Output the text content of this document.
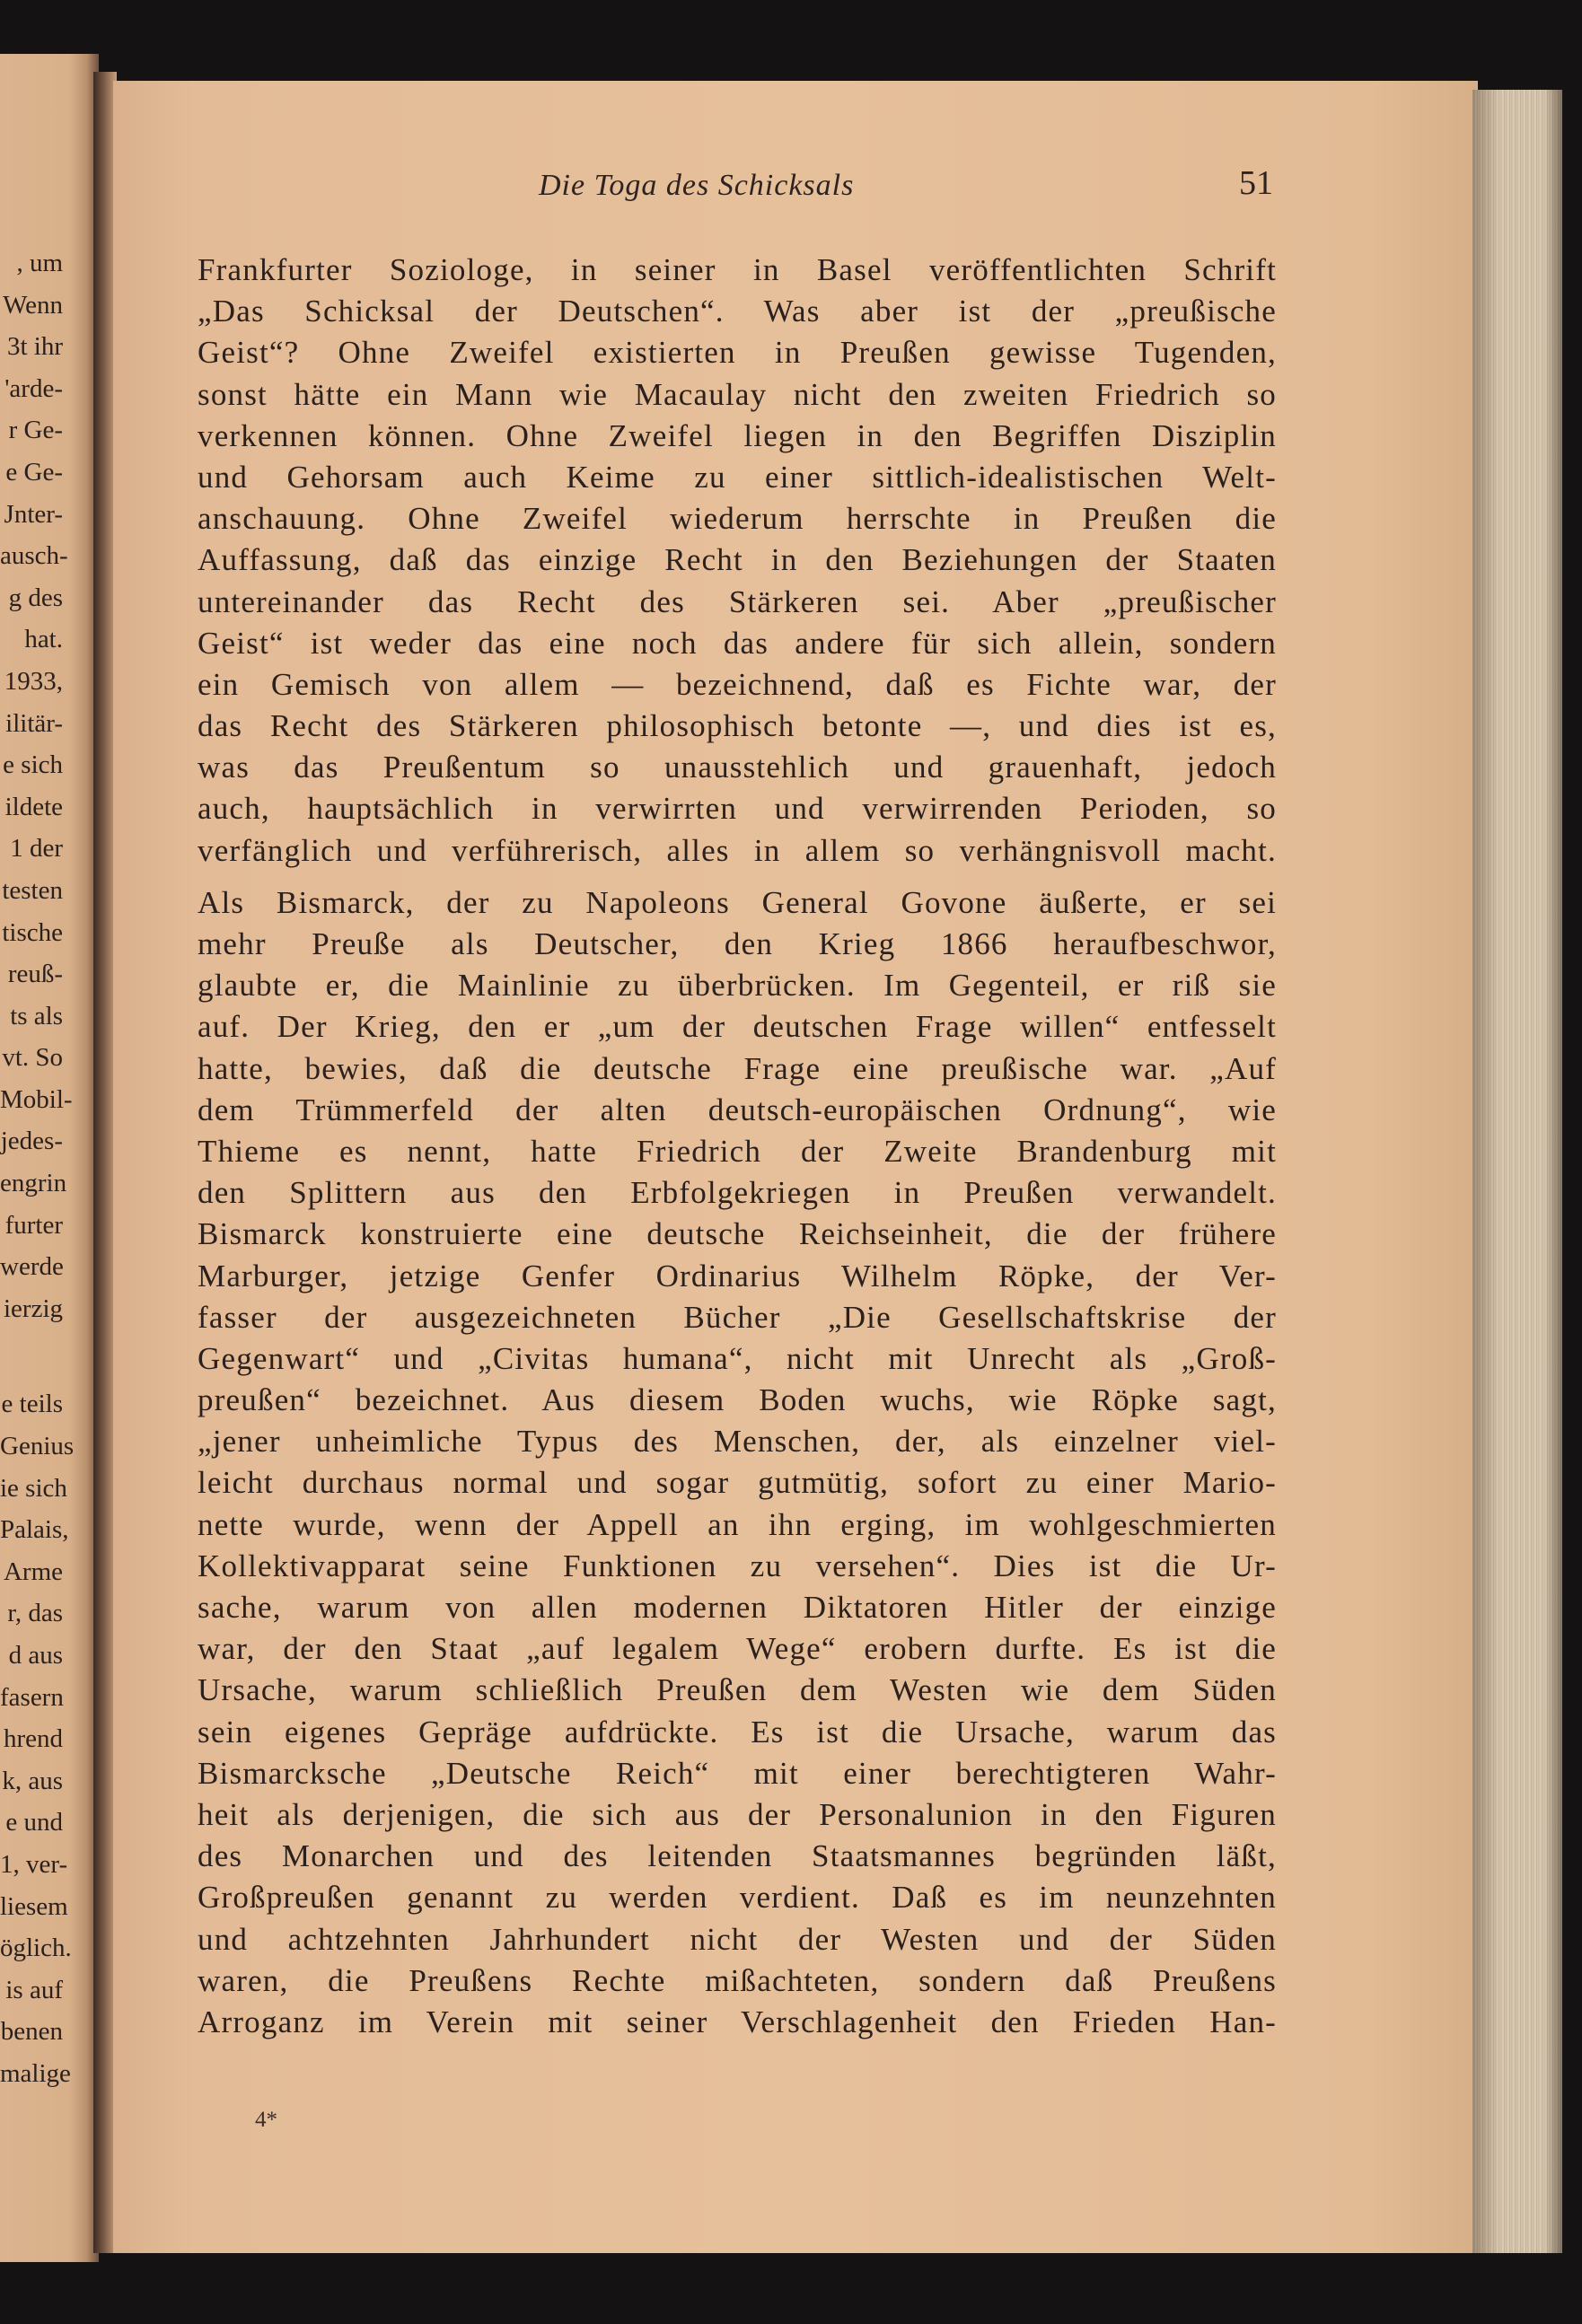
, um
Wenn
3t ihr
'arde-
r Ge-
e Ge-
Jnter-
ausch-
g des
hat.
1933,
ilitär-
e sich
ildete
1 der
testen
tische
reuß-
ts als
vt. So
Mobil-
jedes-
engrin
furter
werde
ierzig
e teils
Genius
ie sich
Palais,
Arme
r, das
d aus
fasern
hrend
k, aus
e und
1, ver-
liesem
öglich.
is auf
benen
malige
Die Toga des Schicksals	51
Frankfurter Soziologe, in seiner in Basel veröffentlichten Schrift
„Das Schicksal der Deutschen“. Was aber ist der „preußische
Geist“? Ohne Zweifel existierten in Preußen gewisse Tugenden,
sonst hätte ein Mann wie Macaulay nicht den zweiten Friedrich so
verkennen können. Ohne Zweifel liegen in den Begriffen Disziplin
und Gehorsam auch Keime zu einer sittlich-idealistischen Welt-
anschauung. Ohne Zweifel wiederum herrschte in Preußen die
Auffassung, daß das einzige Recht in den Beziehungen der Staaten
untereinander das Recht des Stärkeren sei. Aber „preußischer
Geist“ ist weder das eine noch das andere für sich allein, sondern
ein Gemisch von allem — bezeichnend, daß es Fichte war, der
das Recht des Stärkeren philosophisch betonte —, und dies ist es,
was das Preußentum so unausstehlich und grauenhaft, jedoch
auch, hauptsächlich in verwirrten und verwirrenden Perioden, so
verfänglich und verführerisch, alles in allem so verhängnisvoll macht.
Als Bismarck, der zu Napoleons General Govone äußerte, er sei
mehr Preuße als Deutscher, den Krieg 1866 heraufbeschwor,
glaubte er, die Mainlinie zu überbrücken. Im Gegenteil, er riß sie
auf. Der Krieg, den er „um der deutschen Frage willen“ entfesselt
hatte, bewies, daß die deutsche Frage eine preußische war. „Auf
dem Trümmerfeld der alten deutsch-europäischen Ordnung“, wie
Thieme es nennt, hatte Friedrich der Zweite Brandenburg mit
den Splittern aus den Erbfolgekriegen in Preußen verwandelt.
Bismarck konstruierte eine deutsche Reichseinheit, die der frühere
Marburger, jetzige Genfer Ordinarius Wilhelm Röpke, der Ver-
fasser der ausgezeichneten Bücher „Die Gesellschaftskrise der
Gegenwart“ und „Civitas humana“, nicht mit Unrecht als „Groß-
preußen“ bezeichnet. Aus diesem Boden wuchs, wie Röpke sagt,
„jener unheimliche Typus des Menschen, der, als einzelner viel-
leicht durchaus normal und sogar gutmütig, sofort zu einer Mario-
nette wurde, wenn der Appell an ihn erging, im wohlgeschmierten
Kollektivapparat seine Funktionen zu versehen“. Dies ist die Ur-
sache, warum von allen modernen Diktatoren Hitler der einzige
war, der den Staat „auf legalem Wege“ erobern durfte. Es ist die
Ursache, warum schließlich Preußen dem Westen wie dem Süden
sein eigenes Gepräge aufdrückte. Es ist die Ursache, warum das
Bismarcksche „Deutsche Reich“ mit einer berechtigteren Wahr-
heit als derjenigen, die sich aus der Personalunion in den Figuren
des Monarchen und des leitenden Staatsmannes begründen läßt,
Großpreußen genannt zu werden verdient. Daß es im neunzehnten
und achtzehnten Jahrhundert nicht der Westen und der Süden
waren, die Preußens Rechte mißachteten, sondern daß Preußens
Arroganz im Verein mit seiner Verschlagenheit den Frieden Han-
4*
